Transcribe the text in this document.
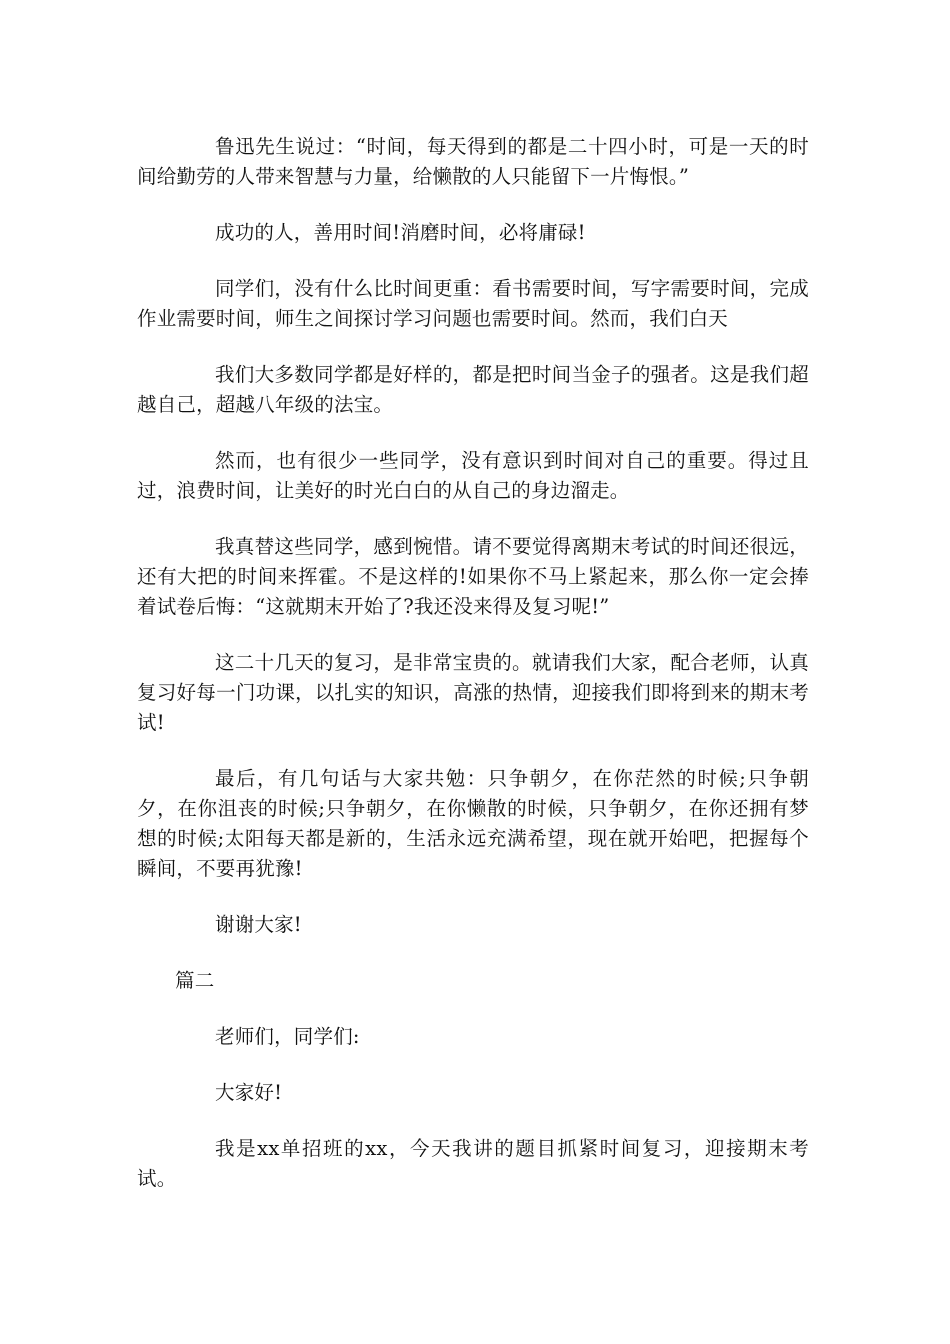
鲁迅先生说过：“时间，每天得到的都是二十四小时，可是一天的时间给勤劳的人带来智慧与力量，给懒散的人只能留下一片悔恨。”

成功的人，善用时间!消磨时间，必将庸碌!

同学们，没有什么比时间更重：看书需要时间，写字需要时间，完成作业需要时间，师生之间探讨学习问题也需要时间。然而，我们白天

我们大多数同学都是好样的，都是把时间当金子的强者。这是我们超越自己，超越八年级的法宝。

然而，也有很少一些同学，没有意识到时间对自己的重要。得过且过，浪费时间，让美好的时光白白的从自己的身边溜走。

我真替这些同学，感到惋惜。请不要觉得离期末考试的时间还很远，还有大把的时间来挥霍。不是这样的!如果你不马上紧起来，那么你一定会捧着试卷后悔：“这就期末开始了?我还没来得及复习呢!”

这二十几天的复习，是非常宝贵的。就请我们大家，配合老师，认真复习好每一门功课，以扎实的知识，高涨的热情，迎接我们即将到来的期末考试!

最后，有几句话与大家共勉：只争朝夕，在你茫然的时候;只争朝夕，在你沮丧的时候;只争朝夕，在你懒散的时候，只争朝夕，在你还拥有梦想的时候;太阳每天都是新的，生活永远充满希望，现在就开始吧，把握每个瞬间，不要再犹豫!

谢谢大家!

篇二

老师们，同学们:

大家好!

我是xx单招班的xx，今天我讲的题目抓紧时间复习，迎接期末考试。
